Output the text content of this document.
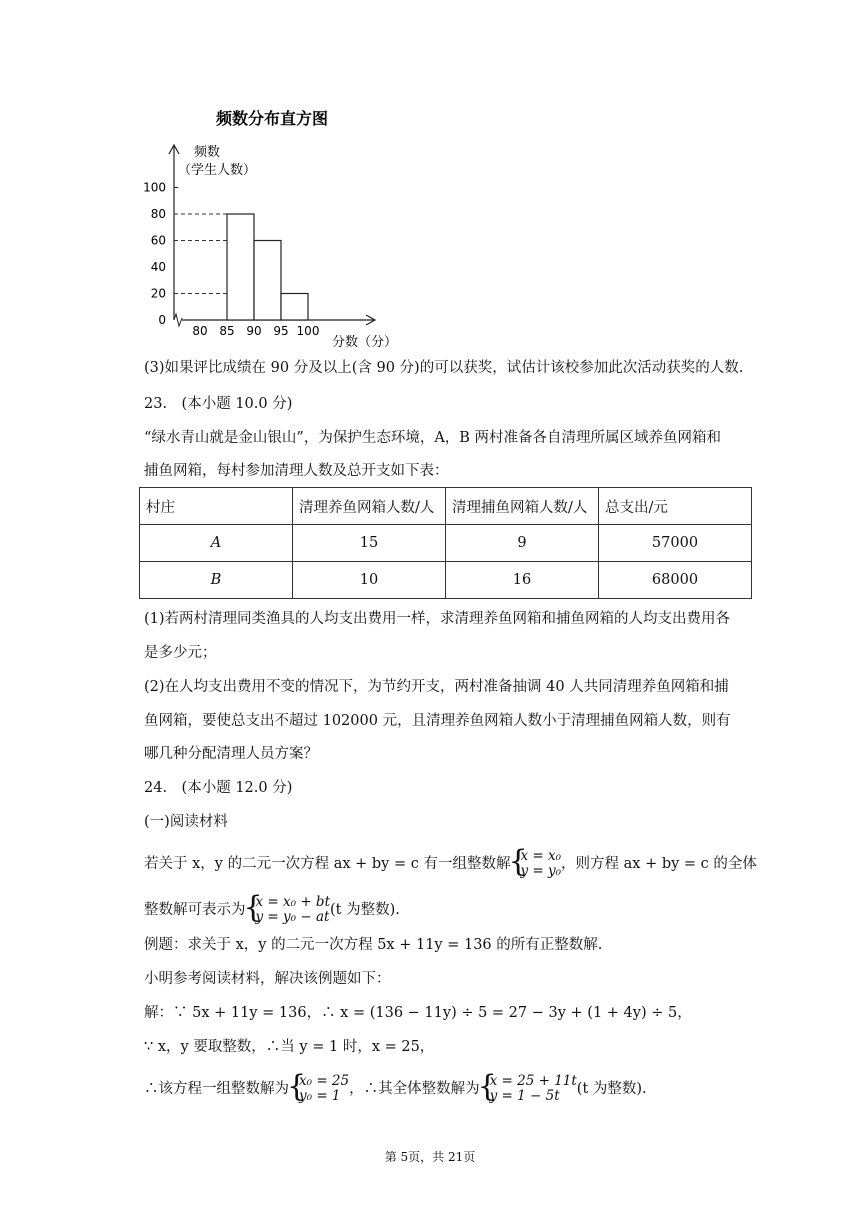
频数分布直方图
频数
（学生人数）
0
20
40
60
80
100
80 85 90 95 100
分数（分）
(3)如果评比成绩在 90 分及以上(含 90 分)的可以获奖，试估计该校参加此次活动获奖的人数.
23.　(本小题 10.0 分)
“绿水青山就是金山银山”，为保护生态环境，A，B 两村准备各自清理所属区域养鱼网箱和
捕鱼网箱，每村参加清理人数及总开支如下表：
村庄	清理养鱼网箱人数/人	清理捕鱼网箱人数/人	总支出/元
A	15	9	57000
B	10	16	68000
(1)若两村清理同类渔具的人均支出费用一样，求清理养鱼网箱和捕鱼网箱的人均支出费用各
是多少元；
(2)在人均支出费用不变的情况下，为节约开支，两村准备抽调 40 人共同清理养鱼网箱和捕
鱼网箱，要使总支出不超过 102000 元，且清理养鱼网箱人数小于清理捕鱼网箱人数，则有
哪几种分配清理人员方案？
24.　(本小题 12.0 分)
(一)阅读材料
若关于 x，y 的二元一次方程 ax + by = c 有一组整数解 { x = x₀
y = y₀，则方程 ax + by = c 的全体
整数解可表示为 { x = x₀ + bt
y = y₀ − at(t 为整数).
例题：求关于 x，y 的二元一次方程 5x + 11y = 136 的所有正整数解.
小明参考阅读材料，解决该例题如下：
解：∵ 5x + 11y = 136，∴ x = (136 − 11y) ÷ 5 = 27 − 3y + (1 + 4y) ÷ 5，
∵ x，y 要取整数，∴当 y = 1 时，x = 25，
∴该方程一组整数解为 { x₀ = 25
y₀ = 1 ，∴其全体整数解为 { x = 25 + 11t
y = 1 − 5t (t 为整数).
第 5页，共 21页
